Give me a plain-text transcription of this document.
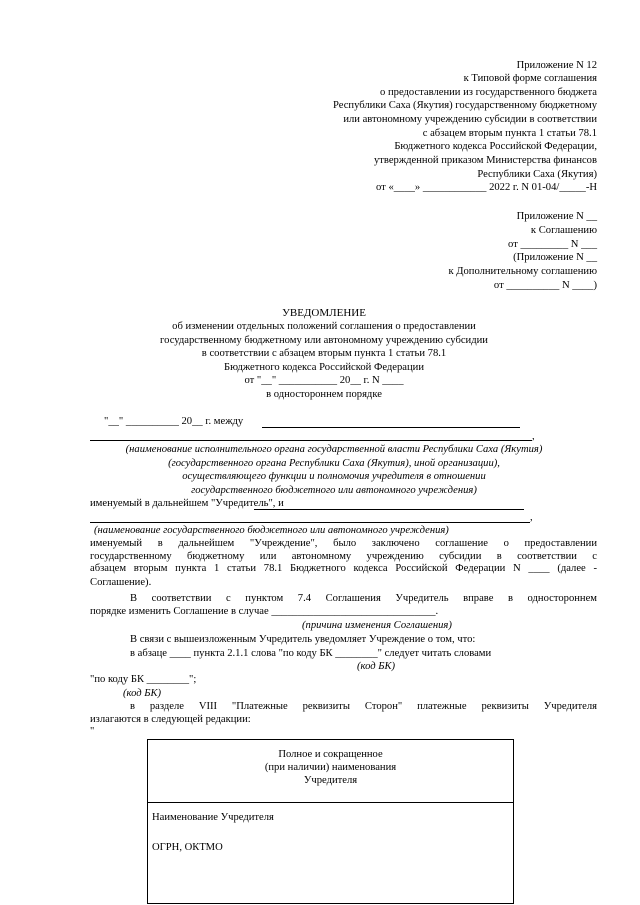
Приложение N 12
к Типовой форме соглашения
о предоставлении из государственного бюджета
Республики Саха (Якутия) государственному бюджетному
или автономному учреждению субсидии в соответствии
с абзацем вторым пункта 1 статьи 78.1
Бюджетного кодекса Российской Федерации,
утвержденной приказом Министерства финансов
Республики Саха (Якутия)
от «____» ____________ 2022 г. N 01-04/_____-Н
Приложение N __
к Соглашению
от _________ N ___
(Приложение N __
к Дополнительному соглашению
от __________ N ____)
УВЕДОМЛЕНИЕ
об изменении отдельных положений соглашения о предоставлении
государственному бюджетному или автономному учреждению субсидии
в соответствии с абзацем вторым пункта 1 статьи 78.1
Бюджетного кодекса Российской Федерации
от "__" ___________ 20__ г. N ____
в одностороннем порядке
"__" __________ 20__ г. между
,
(наименование исполнительного органа государственной власти Республики Саха (Якутия)
(государственного органа Республики Саха (Якутия), иной организации),
осуществляющего функции и полномочия учредителя в отношении
государственного бюджетного или автономного учреждения)
именуемый в дальнейшем "Учредитель", и
,
(наименование государственного бюджетного или автономного учреждения)
именуемый в дальнейшем "Учреждение", было заключено соглашение о предоставлении
государственному бюджетному или автономному учреждению субсидии в соответствии с
абзацем вторым пункта 1 статьи 78.1 Бюджетного кодекса Российской Федерации N ____ (далее -
Соглашение).
В соответствии с пунктом 7.4 Соглашения Учредитель вправе в одностороннем
порядке изменить Соглашение в случае _______________________________.
(причина изменения Соглашения)
В связи с вышеизложенным Учредитель уведомляет Учреждение о том, что:
в абзаце ____ пункта 2.1.1 слова "по коду БК ________" следует читать словами
(код БК)
"по коду БК ________";
(код БК)
в разделе VIII "Платежные реквизиты Сторон" платежные реквизиты Учредителя
излагаются в следующей редакции:
"
Полное и сокращенное
(при наличии) наименования
Учредителя

Наименование Учредителя
ОГРН, ОКТМО
